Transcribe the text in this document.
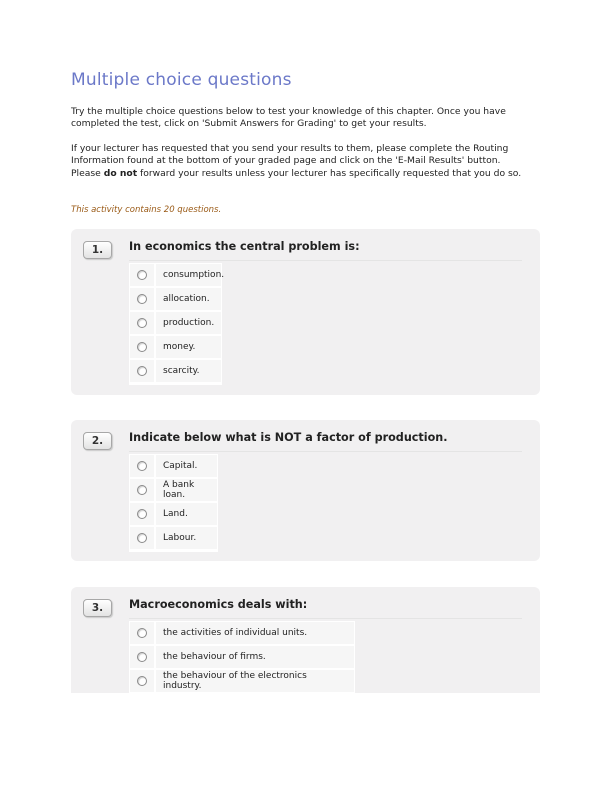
Multiple choice questions
Try the multiple choice questions below to test your knowledge of this chapter. Once you have completed the test, click on 'Submit Answers for Grading' to get your results.
If your lecturer has requested that you send your results to them, please complete the Routing Information found at the bottom of your graded page and click on the 'E-Mail Results' button. Please do not forward your results unless your lecturer has specifically requested that you do so.
This activity contains 20 questions.
1.	In economics the central problem is:
consumption.
allocation.
production.
money.
scarcity.
2.	Indicate below what is NOT a factor of production.
Capital.
A bank loan.
Land.
Labour.
3.	Macroeconomics deals with:
the activities of individual units.
the behaviour of firms.
the behaviour of the electronics industry.
